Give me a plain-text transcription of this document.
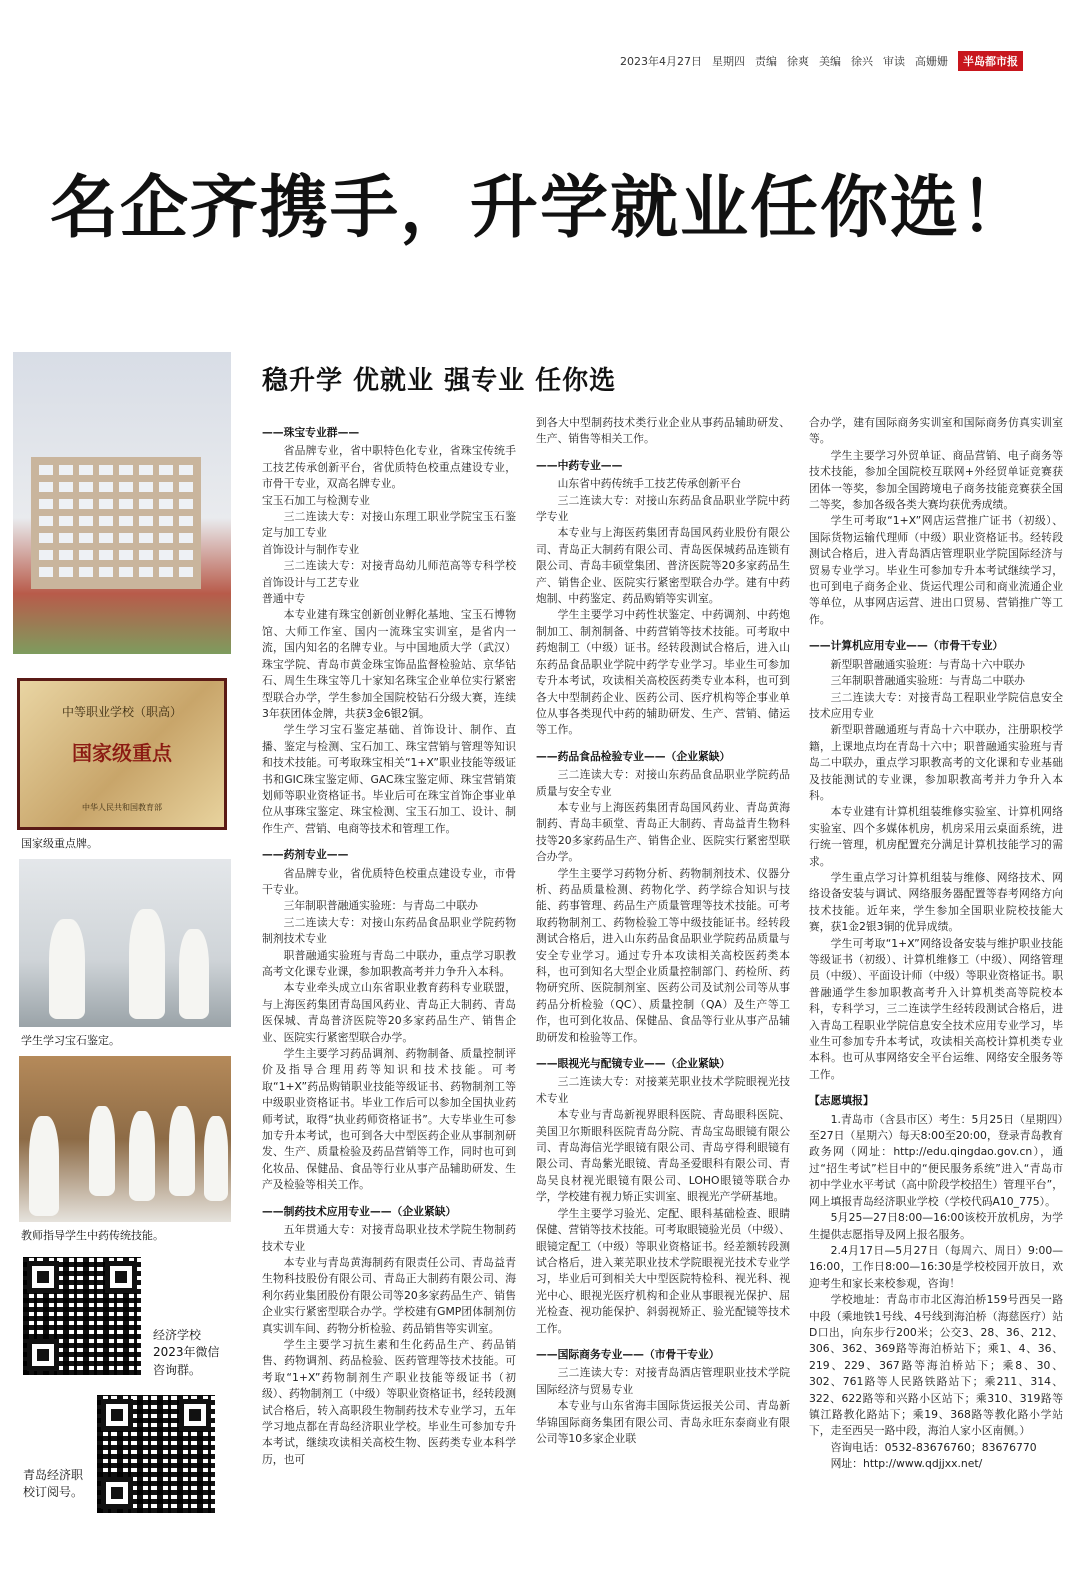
2023年4月27日 星期四 责编 徐爽 美编 徐兴 审读 高姗姗	半岛都市报
名企齐携手，升学就业任你选！
中等职业学校（职高）
国家级重点
中华人民共和国教育部
国家级重点牌。
学生学习宝石鉴定。
教师指导学生中药传统技能。
经济学校2023年微信咨询群。
青岛经济职校订阅号。
稳升学 优就业 强专业 任你选

——珠宝专业群——

省品牌专业，省中职特色化专业，省珠宝传统手工技艺传承创新平台，省优质特色校重点建设专业，市骨干专业，双高名牌专业。

宝玉石加工与检测专业

三二连读大专：对接山东理工职业学院宝玉石鉴定与加工专业

首饰设计与制作专业

三二连读大专：对接青岛幼儿师范高等专科学校首饰设计与工艺专业

普通中专

本专业建有珠宝创新创业孵化基地、宝玉石博物馆、大师工作室、国内一流珠宝实训室，是省内一流，国内知名的名牌专业。与中国地质大学（武汉）珠宝学院、青岛市黄金珠宝饰品监督检验站、京华钻石、周生生珠宝等几十家知名珠宝企业单位实行紧密型联合办学，学生参加全国院校钻石分级大赛，连续3年获团体金牌，共获3金6银2铜。

学生学习宝石鉴定基础、首饰设计、制作、直播、鉴定与检测、宝石加工、珠宝营销与管理等知识和技术技能。可考取珠宝相关“1+X”职业技能等级证书和GIC珠宝鉴定师、GAC珠宝鉴定师、珠宝营销策划师等职业资格证书。毕业后可在珠宝首饰企事业单位从事珠宝鉴定、珠宝检测、宝玉石加工、设计、制作生产、营销、电商等技术和管理工作。

——药剂专业——

省品牌专业，省优质特色校重点建设专业，市骨干专业。

三年制职普融通实验班：与青岛二中联办

三二连读大专：对接山东药品食品职业学院药物制剂技术专业

职普融通实验班与青岛二中联办，重点学习职教高考文化课专业课，参加职教高考并力争升入本科。

本专业牵头成立山东省职业教育药科专业联盟，与上海医药集团青岛国风药业、青岛正大制药、青岛医保城、青岛普济医院等20多家药品生产、销售企业、医院实行紧密型联合办学。

学生主要学习药品调剂、药物制备、质量控制评价及指导合理用药等知识和技术技能。可考取“1+X”药品购销职业技能等级证书、药物制剂工等中级职业资格证书。毕业工作后可以参加全国执业药师考试，取得“执业药师资格证书”。大专毕业生可参加专升本考试，也可到各大中型医药企业从事制剂研发、生产、质量检验及药品营销等工作，同时也可到化妆品、保健品、食品等行业从事产品辅助研发、生产及检验等相关工作。

——制药技术应用专业——（企业紧缺）

五年贯通大专：对接青岛职业技术学院生物制药技术专业

本专业与青岛黄海制药有限责任公司、青岛益青生物科技股份有限公司、青岛正大制药有限公司、海利尔药业集团股份有限公司等20多家药品生产、销售企业实行紧密型联合办学。学校建有GMP团体制剂仿真实训车间、药物分析检验、药品销售等实训室。

学生主要学习抗生素和生化药品生产、药品销售、药物调剂、药品检验、医药管理等技术技能。可考取“1+X”药物制剂生产职业技能等级证书（初级）、药物制剂工（中级）等职业资格证书，经转段测试合格后，转入高职段生物制药技术专业学习，五年学习地点都在青岛经济职业学校。毕业生可参加专升本考试，继续攻读相关高校生物、医药类专业本科学历，也可

到各大中型制药技术类行业企业从事药品辅助研发、生产、销售等相关工作。

——中药专业——

山东省中药传统手工技艺传承创新平台

三二连读大专：对接山东药品食品职业学院中药学专业

本专业与上海医药集团青岛国风药业股份有限公司、青岛正大制药有限公司、青岛医保城药品连锁有限公司、青岛丰硕堂集团、普济医院等20多家药品生产、销售企业、医院实行紧密型联合办学。建有中药炮制、中药鉴定、药品购销等实训室。

学生主要学习中药性状鉴定、中药调剂、中药炮制加工、制剂制备、中药营销等技术技能。可考取中药炮制工（中级）证书。经转段测试合格后，进入山东药品食品职业学院中药学专业学习。毕业生可参加专升本考试，攻读相关高校医药类专业本科，也可到各大中型制药企业、医药公司、医疗机构等企事业单位从事各类现代中药的辅助研发、生产、营销、储运等工作。

——药品食品检验专业——（企业紧缺）

三二连读大专：对接山东药品食品职业学院药品质量与安全专业

本专业与上海医药集团青岛国风药业、青岛黄海制药、青岛丰硕堂、青岛正大制药、青岛益青生物科技等20多家药品生产、销售企业、医院实行紧密型联合办学。

学生主要学习药物分析、药物制剂技术、仪器分析、药品质量检测、药物化学、药学综合知识与技能、药事管理、药品生产质量管理等技术技能。可考取药物制剂工、药物检验工等中级技能证书。经转段测试合格后，进入山东药品食品职业学院药品质量与安全专业学习。通过专升本攻读相关高校医药类本科，也可到知名大型企业质量控制部门、药检所、药物研究所、医院制剂室、医药公司及试剂公司等从事药品分析检验（QC）、质量控制（QA）及生产等工作，也可到化妆品、保健品、食品等行业从事产品辅助研发和检验等工作。

——眼视光与配镜专业——（企业紧缺）

三二连读大专：对接莱芜职业技术学院眼视光技术专业

本专业与青岛新视界眼科医院、青岛眼科医院、美国卫尔斯眼科医院青岛分院、青岛宝岛眼镜有限公司、青岛海信光学眼镜有限公司、青岛亨得利眼镜有限公司、青岛紫光眼镜、青岛圣爱眼科有限公司、青岛吴良材视光眼镜有限公司、LOHO眼镜等联合办学，学校建有视力矫正实训室、眼视光产学研基地。

学生主要学习验光、定配、眼科基础检查、眼睛保健、营销等技术技能。可考取眼镜验光员（中级）、眼镜定配工（中级）等职业资格证书。经差额转段测试合格后，进入莱芜职业技术学院眼视光技术专业学习，毕业后可到相关大中型医院特检科、视光科、视光中心、眼视光医疗机构和企业从事眼视光保护、屈光检查、视功能保护、斜弱视矫正、验光配镜等技术工作。

——国际商务专业——（市骨干专业）

三二连读大专：对接青岛酒店管理职业技术学院国际经济与贸易专业

本专业与山东省海丰国际货运报关公司、青岛新华锦国际商务集团有限公司、青岛永旺东泰商业有限公司等10多家企业联

合办学，建有国际商务实训室和国际商务仿真实训室等。

学生主要学习外贸单证、商品营销、电子商务等技术技能，参加全国院校互联网+外经贸单证竞赛获团体一等奖，参加全国跨境电子商务技能竞赛获全国二等奖，参加各级各类大赛均获优秀成绩。

学生可考取“1+X”网店运营推广证书（初级）、国际货物运输代理师（中级）职业资格证书。经转段测试合格后，进入青岛酒店管理职业学院国际经济与贸易专业学习。毕业生可参加专升本考试继续学习，也可到电子商务企业、货运代理公司和商业流通企业等单位，从事网店运营、进出口贸易、营销推广等工作。

——计算机应用专业——（市骨干专业）

新型职普融通实验班：与青岛十六中联办

三年制职普融通实验班：与青岛二中联办

三二连读大专：对接青岛工程职业学院信息安全技术应用专业

新型职普融通班与青岛十六中联办，注册职校学籍，上课地点均在青岛十六中；职普融通实验班与青岛二中联办，重点学习职教高考的文化课和专业基础及技能测试的专业课，参加职教高考并力争升入本科。

本专业建有计算机组装维修实验室、计算机网络实验室、四个多媒体机房，机房采用云桌面系统，进行统一管理，机房配置充分满足计算机技能学习的需求。

学生重点学习计算机组装与维修、网络技术、网络设备安装与调试、网络服务器配置等春考网络方向技术技能。近年来，学生参加全国职业院校技能大赛，获1金2银3铜的优异成绩。

学生可考取“1+X”网络设备安装与维护职业技能等级证书（初级）、计算机维修工（中级）、网络管理员（中级）、平面设计师（中级）等职业资格证书。职普融通学生参加职教高考升入计算机类高等院校本科，专科学习，三二连读学生经转段测试合格后，进入青岛工程职业学院信息安全技术应用专业学习，毕业生可参加专升本考试，攻读相关高校计算机类专业本科。也可从事网络安全平台运维、网络安全服务等工作。

【志愿填报】

1.青岛市（含县市区）考生：5月25日（星期四）至27日（星期六）每天8:00至20:00，登录青岛教育政务网（网址：http://edu.qingdao.gov.cn），通过“招生考试”栏目中的“便民服务系统”进入“青岛市初中学业水平考试（高中阶段学校招生）管理平台”，网上填报青岛经济职业学校（学校代码A10_775）。

5月25—27日8:00—16:00该校开放机房，为学生提供志愿指导及网上报名服务。

2.4月17日—5月27日（每周六、周日）9:00—16:00，工作日8:00—16:30是学校校园开放日，欢迎考生和家长来校参观，咨询！

学校地址：青岛市市北区海泊桥159号西吴一路中段（乘地铁1号线、4号线到海泊桥（海慈医疗）站D口出，向东步行200米；公交3、28、36、212、306、362、369路等海泊桥站下；乘1、4、36、219、229、367路等海泊桥站下；乘8、30、302、761路等人民路铁路站下；乘211、314、322、622路等和兴路小区站下；乘310、319路等镇江路教化路站下；乘19、368路等教化路小学站下，走至西吴一路中段，海泊人家小区南侧。）

咨询电话：0532-83676760；83676770

网址：http://www.qdjjxx.net/
